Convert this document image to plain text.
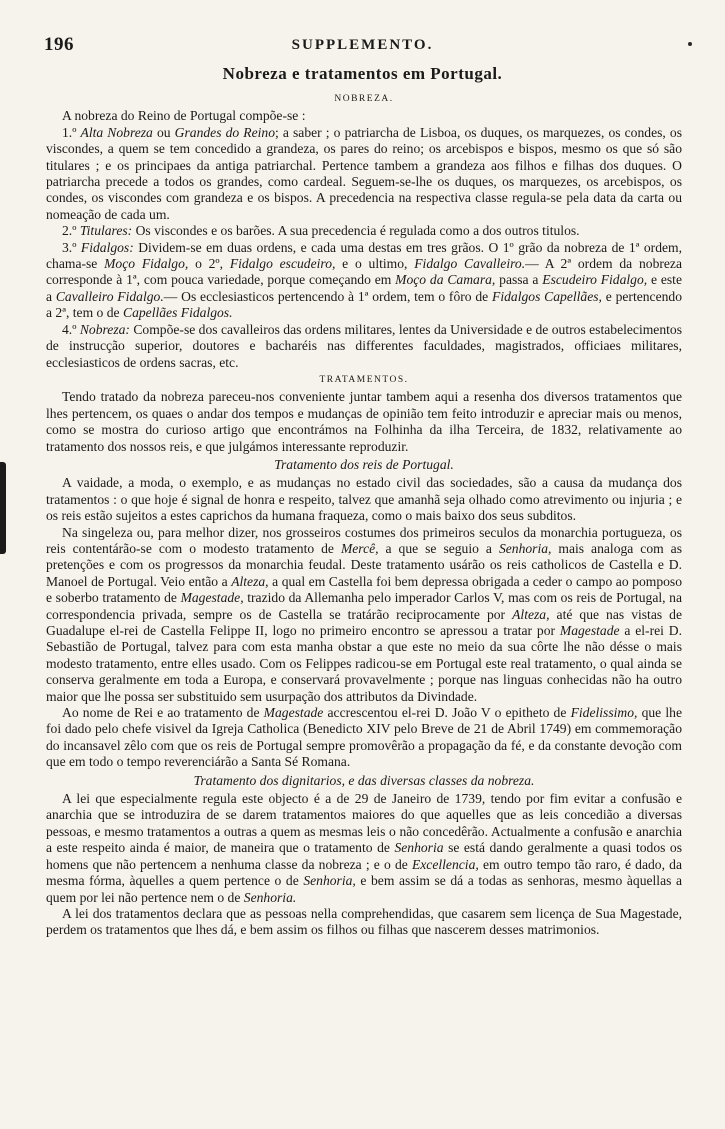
196	SUPPLEMENTO.
Nobreza e tratamentos em Portugal.
NOBREZA.

A nobreza do Reino de Portugal compõe-se :

1.º Alta Nobreza ou Grandes do Reino; a saber ; o patriarcha de Lisboa, os duques, os marquezes, os condes, os viscondes, a quem se tem concedido a grandeza, os pares do reino; os arcebispos e bispos, mesmo os que só são titulares ; e os principaes da antiga patriarchal. Pertence tambem a grandeza aos filhos e filhas dos duques. O patriarcha precede a todos os grandes, como cardeal. Seguem-se-lhe os duques, os marquezes, os arcebispos, os condes, os viscondes com grandeza e os bispos. A precedencia na respectiva classe regula-se pela data da carta ou nomeação de cada um.

2.º Titulares: Os viscondes e os barões. A sua precedencia é regulada como a dos outros titulos.

3.º Fidalgos: Dividem-se em duas ordens, e cada uma destas em tres grãos. O 1º grão da nobreza de 1ª ordem, chama-se Moço Fidalgo, o 2º, Fidalgo escudeiro, e o ultimo, Fidalgo Cavalleiro.— A 2ª ordem da nobreza corresponde à 1ª, com pouca variedade, porque começando em Moço da Camara, passa a Escudeiro Fidalgo, e este a Cavalleiro Fidalgo.— Os ecclesiasticos pertencendo à 1ª ordem, tem o fôro de Fidalgos Capellães, e pertencendo a 2ª, tem o de Capellães Fidalgos.

4.º Nobreza: Compõe-se dos cavalleiros das ordens militares, lentes da Universidade e de outros estabelecimentos de instrucção superior, doutores e bacharéis nas differentes faculdades, magistrados, officiaes militares, ecclesiasticos de ordens sacras, etc.

TRATAMENTOS.

Tendo tratado da nobreza pareceu-nos conveniente juntar tambem aqui a resenha dos diversos tratamentos que lhes pertencem, os quaes o andar dos tempos e mudanças de opinião tem feito introduzir e apreciar mais ou menos, como se mostra do curioso artigo que encontrámos na Folhinha da ilha Terceira, de 1832, relativamente ao tratamento dos nossos reis, e que julgámos interessante reproduzir.

Tratamento dos reis de Portugal.

A vaidade, a moda, o exemplo, e as mudanças no estado civil das sociedades, são a causa da mudança dos tratamentos : o que hoje é signal de honra e respeito, talvez que amanhã seja olhado como atrevimento ou injuria ; e os reis estão sujeitos a estes caprichos da humana fraqueza, como o mais baixo dos seus subditos.

Na singeleza ou, para melhor dizer, nos grosseiros costumes dos primeiros seculos da monarchia portugueza, os reis contentárão-se com o modesto tratamento de Mercê, a que se seguio a Senhoria, mais analoga com as pretenções e com os progressos da monarchia feudal. Deste tratamento usárão os reis catholicos de Castella e D. Manoel de Portugal. Veio então a Alteza, a qual em Castella foi bem depressa obrigada a ceder o campo ao pomposo e soberbo tratamento de Magestade, trazido da Allemanha pelo imperador Carlos V, mas com os reis de Portugal, na correspondencia privada, sempre os de Castella se tratárão reciprocamente por Alteza, até que nas vistas de Guadalupe el-rei de Castella Felippe II, logo no primeiro encontro se apressou a tratar por Magestade a el-rei D. Sebastião de Portugal, talvez para com esta manha obstar a que este no meio da sua côrte lhe não désse o mais modesto tratamento, entre elles usado. Com os Felippes radicou-se em Portugal este real tratamento, o qual ainda se conserva geralmente em toda a Europa, e conservará provavelmente ; porque nas linguas conhecidas não ha outro maior que lhe possa ser substituido sem usurpação dos attributos da Divindade.

Ao nome de Rei e ao tratamento de Magestade accrescentou el-rei D. João V o epitheto de Fidelissimo, que lhe foi dado pelo chefe visivel da Igreja Catholica (Benedicto XIV pelo Breve de 21 de Abril 1749) em commemoração do incansavel zêlo com que os reis de Portugal sempre promovêrão a propagação da fé, e da constante devoção com que em todo o tempo reverenciárão a Santa Sé Romana.

Tratamento dos dignitarios, e das diversas classes da nobreza.

A lei que especialmente regula este objecto é a de 29 de Janeiro de 1739, tendo por fim evitar a confusão e anarchia que se introduzira de se darem tratamentos maiores do que aquelles que as leis concedião a diversas pessoas, e mesmo tratamentos a outras a quem as mesmas leis o não concedêrão. Actualmente a confusão e anarchia a este respeito ainda é maior, de maneira que o tratamento de Senhoria se está dando geralmente a quasi todos os homens que não pertencem a nenhuma classe da nobreza ; e o de Excellencia, em outro tempo tão raro, é dado, da mesma fórma, àquelles a quem pertence o de Senhoria, e bem assim se dá a todas as senhoras, mesmo àquellas a quem por lei não pertence nem o de Senhoria.

A lei dos tratamentos declara que as pessoas nella comprehendidas, que casarem sem licença de Sua Magestade, perdem os tratamentos que lhes dá, e bem assim os filhos ou filhas que nascerem desses matrimonios.
